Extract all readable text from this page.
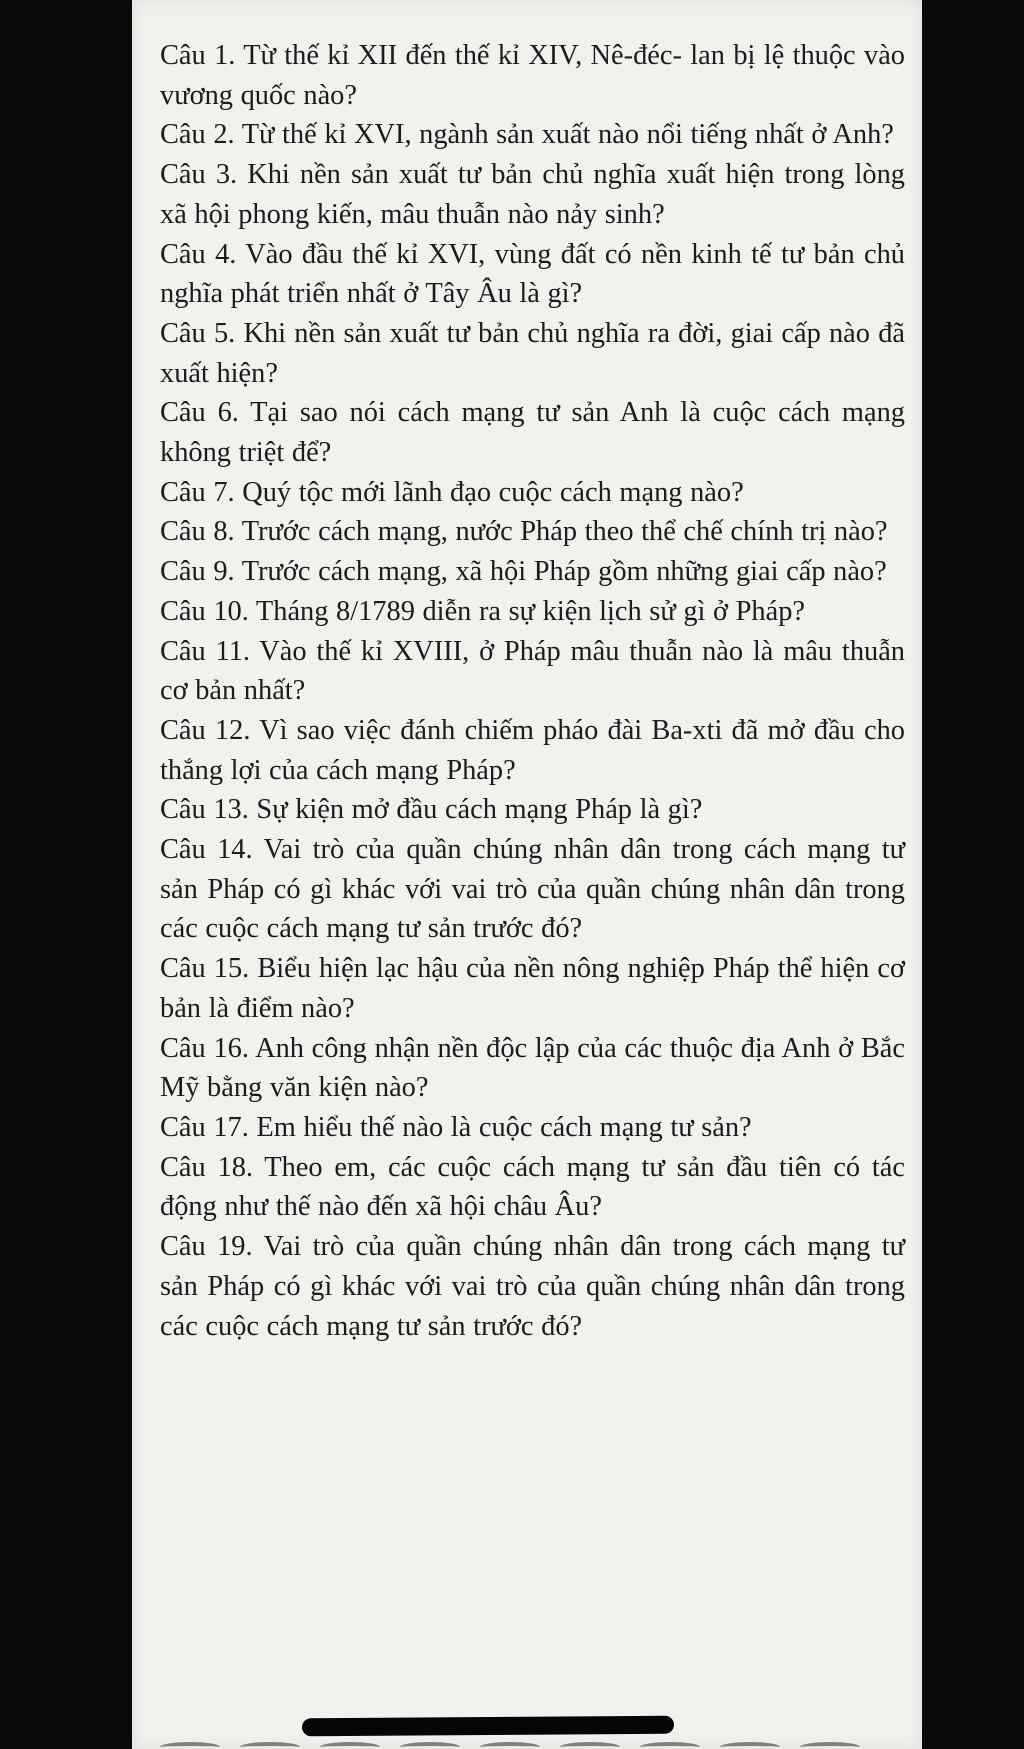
Câu 1. Từ thế kỉ XII đến thế kỉ XIV, Nê-đéc- lan bị lệ thuộc vào vương quốc nào?

Câu 2. Từ thế kỉ XVI, ngành sản xuất nào nổi tiếng nhất ở Anh?

Câu 3. Khi nền sản xuất tư bản chủ nghĩa xuất hiện trong lòng xã hội phong kiến, mâu thuẫn nào nảy sinh?

Câu 4. Vào đầu thế kỉ XVI, vùng đất có nền kinh tế tư bản chủ nghĩa phát triển nhất ở Tây Âu là gì?

Câu 5. Khi nền sản xuất tư bản chủ nghĩa ra đời, giai cấp nào đã xuất hiện?

Câu 6. Tại sao nói cách mạng tư sản Anh là cuộc cách mạng không triệt để?

Câu 7. Quý tộc mới lãnh đạo cuộc cách mạng nào?

Câu 8. Trước cách mạng, nước Pháp theo thể chế chính trị nào?

Câu 9. Trước cách mạng, xã hội Pháp gồm những giai cấp nào?

Câu 10. Tháng 8/1789 diễn ra sự kiện lịch sử gì ở Pháp?

Câu 11. Vào thế kỉ XVIII, ở Pháp mâu thuẫn nào là mâu thuẫn cơ bản nhất?

Câu 12. Vì sao việc đánh chiếm pháo đài Ba-xti đã mở đầu cho thắng lợi của cách mạng Pháp?

Câu 13. Sự kiện mở đầu cách mạng Pháp là gì?

Câu 14. Vai trò của quần chúng nhân dân trong cách mạng tư sản Pháp có gì khác với vai trò của quần chúng nhân dân trong các cuộc cách mạng tư sản trước đó?

Câu 15. Biểu hiện lạc hậu của nền nông nghiệp Pháp thể hiện cơ bản là điểm nào?

Câu 16. Anh công nhận nền độc lập của các thuộc địa Anh ở Bắc Mỹ bằng văn kiện nào?

Câu 17. Em hiểu thế nào là cuộc cách mạng tư sản?

Câu 18. Theo em, các cuộc cách mạng tư sản đầu tiên có tác động như thế nào đến xã hội châu Âu?

Câu 19. Vai trò của quần chúng nhân dân trong cách mạng tư sản Pháp có gì khác với vai trò của quần chúng nhân dân trong các cuộc cách mạng tư sản trước đó?
